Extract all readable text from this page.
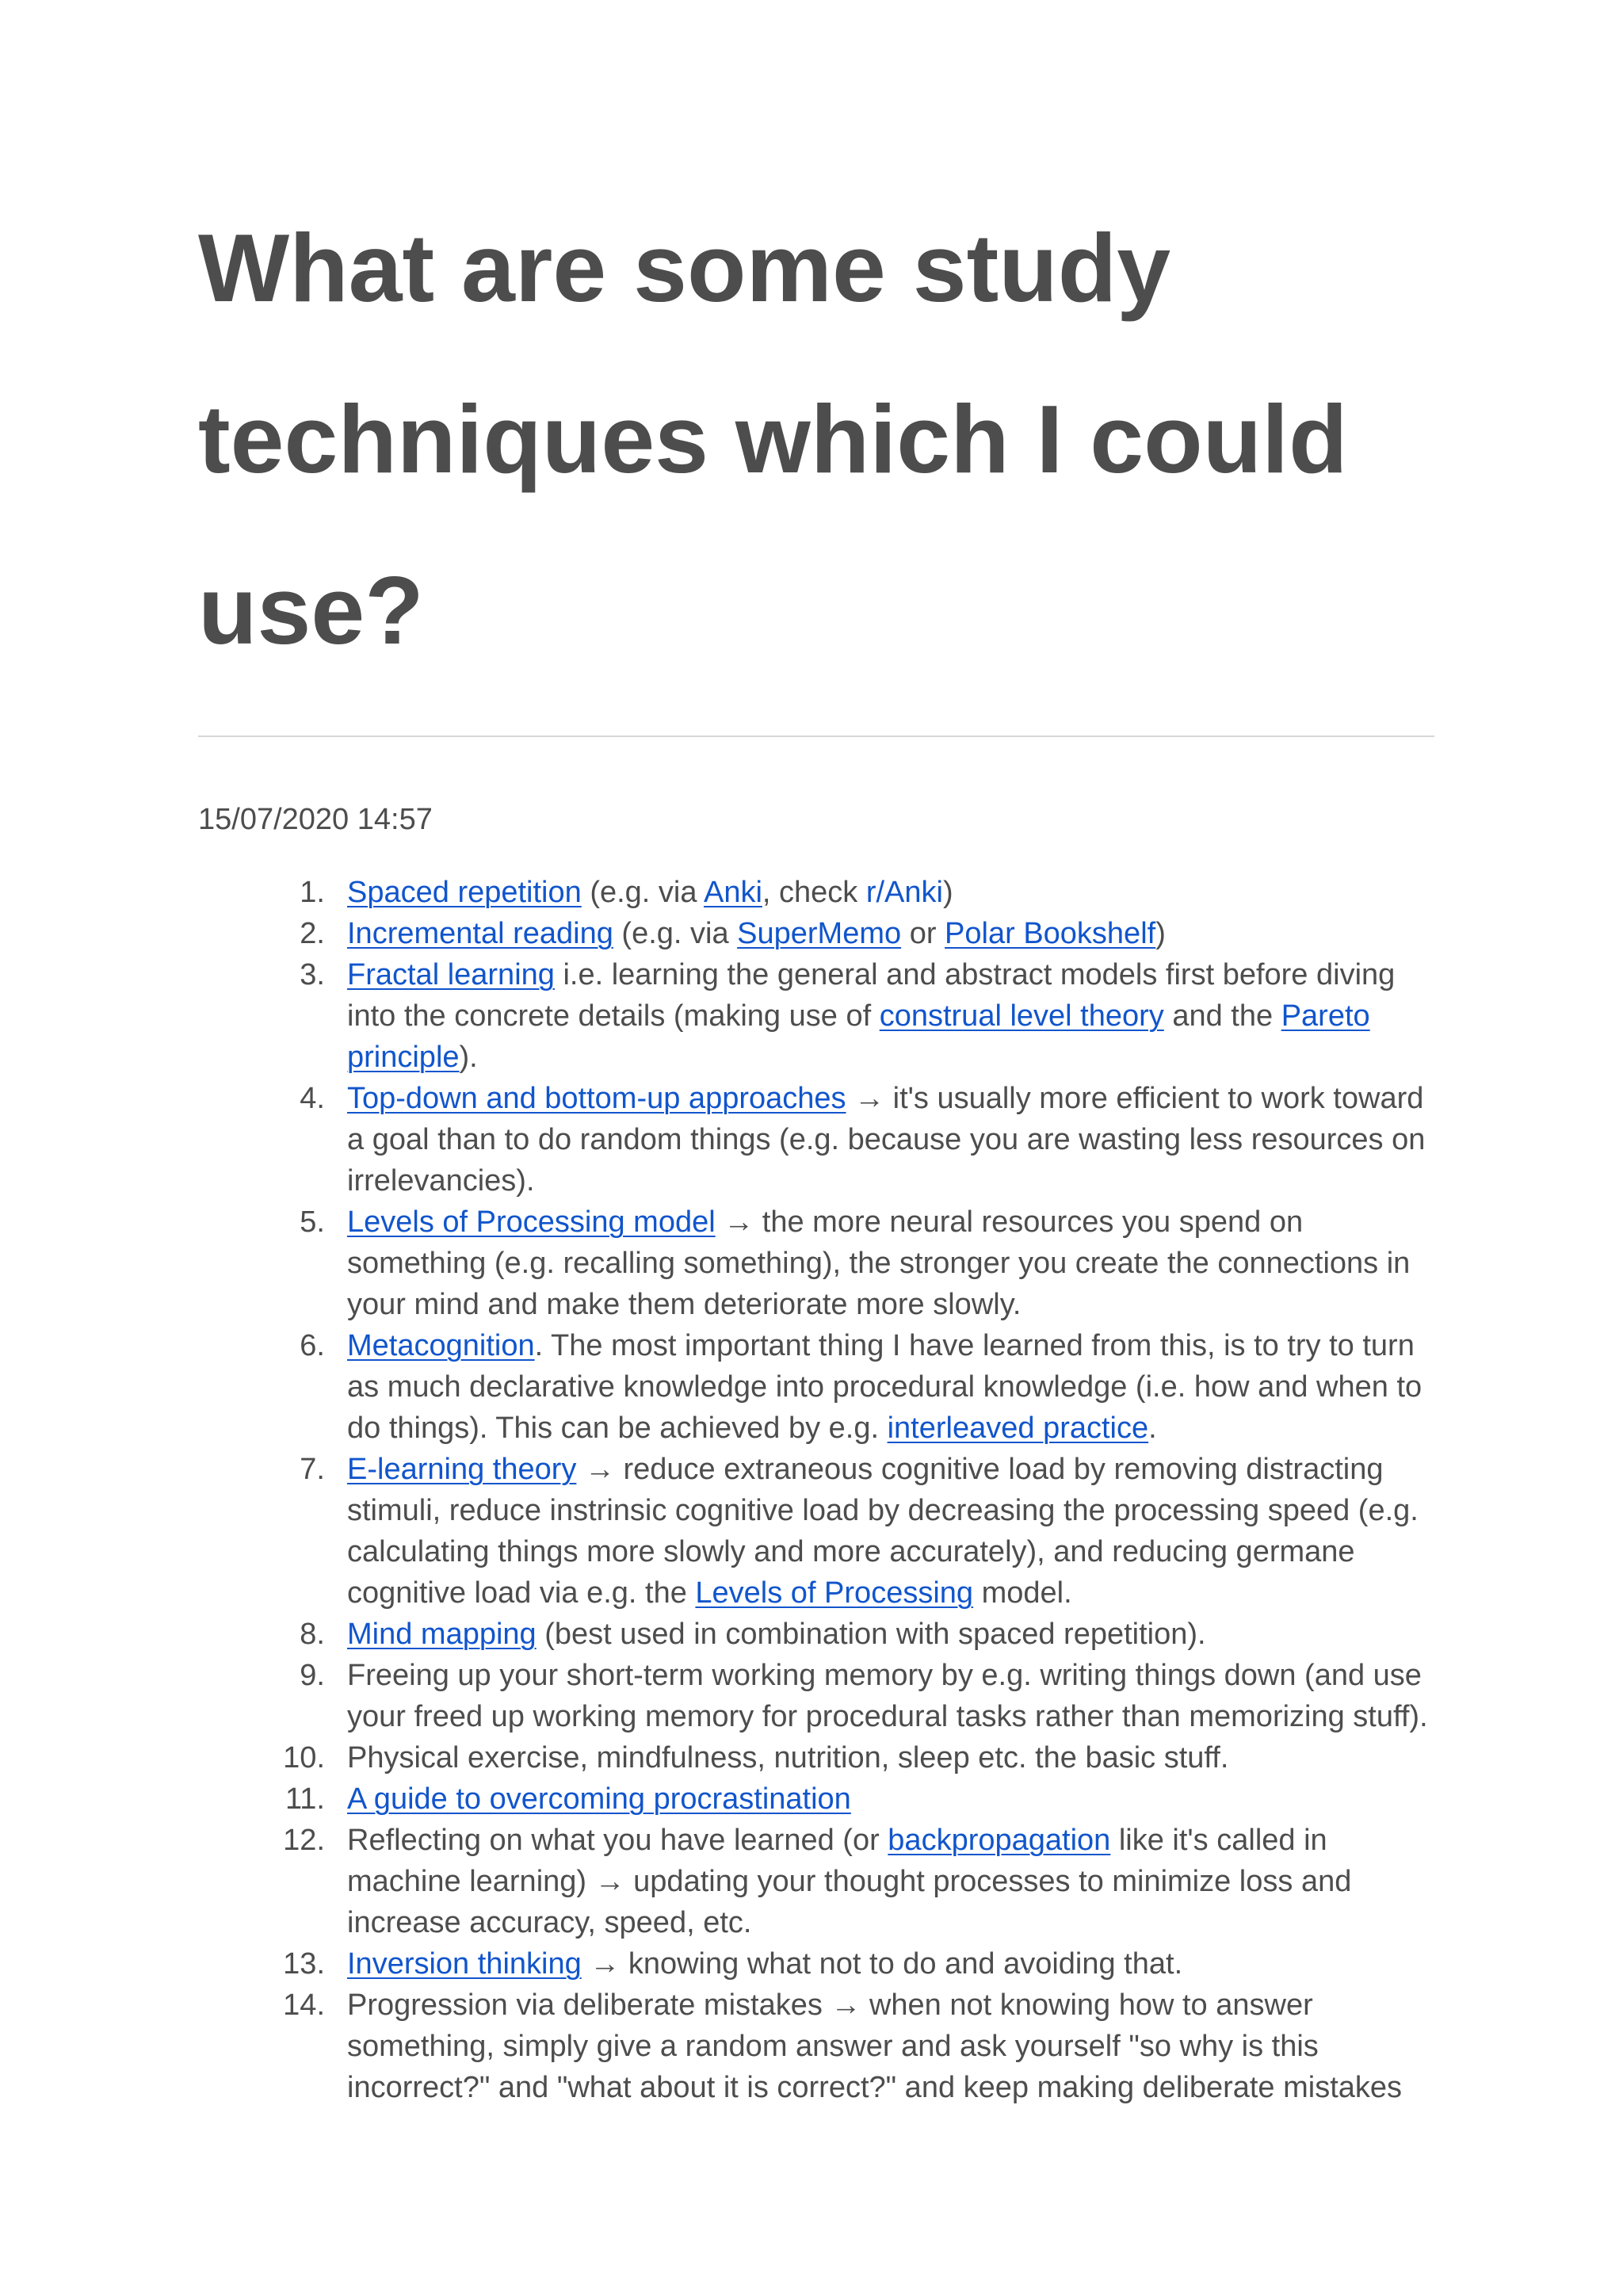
What are some study techniques which I could use?
15/07/2020 14:57
1. Spaced repetition (e.g. via Anki, check r/Anki)
2. Incremental reading (e.g. via SuperMemo or Polar Bookshelf)
3. Fractal learning i.e. learning the general and abstract models first before diving into the concrete details (making use of construal level theory and the Pareto principle).
4. Top-down and bottom-up approaches → it's usually more efficient to work toward a goal than to do random things (e.g. because you are wasting less resources on irrelevancies).
5. Levels of Processing model → the more neural resources you spend on something (e.g. recalling something), the stronger you create the connections in your mind and make them deteriorate more slowly.
6. Metacognition. The most important thing I have learned from this, is to try to turn as much declarative knowledge into procedural knowledge (i.e. how and when to do things). This can be achieved by e.g. interleaved practice.
7. E-learning theory → reduce extraneous cognitive load by removing distracting stimuli, reduce instrinsic cognitive load by decreasing the processing speed (e.g. calculating things more slowly and more accurately), and reducing germane cognitive load via e.g. the Levels of Processing model.
8. Mind mapping (best used in combination with spaced repetition).
9. Freeing up your short-term working memory by e.g. writing things down (and use your freed up working memory for procedural tasks rather than memorizing stuff).
10. Physical exercise, mindfulness, nutrition, sleep etc. the basic stuff.
11. A guide to overcoming procrastination
12. Reflecting on what you have learned (or backpropagation like it's called in machine learning) → updating your thought processes to minimize loss and increase accuracy, speed, etc.
13. Inversion thinking → knowing what not to do and avoiding that.
14. Progression via deliberate mistakes → when not knowing how to answer something, simply give a random answer and ask yourself "so why is this incorrect?" and "what about it is correct?" and keep making deliberate mistakes
